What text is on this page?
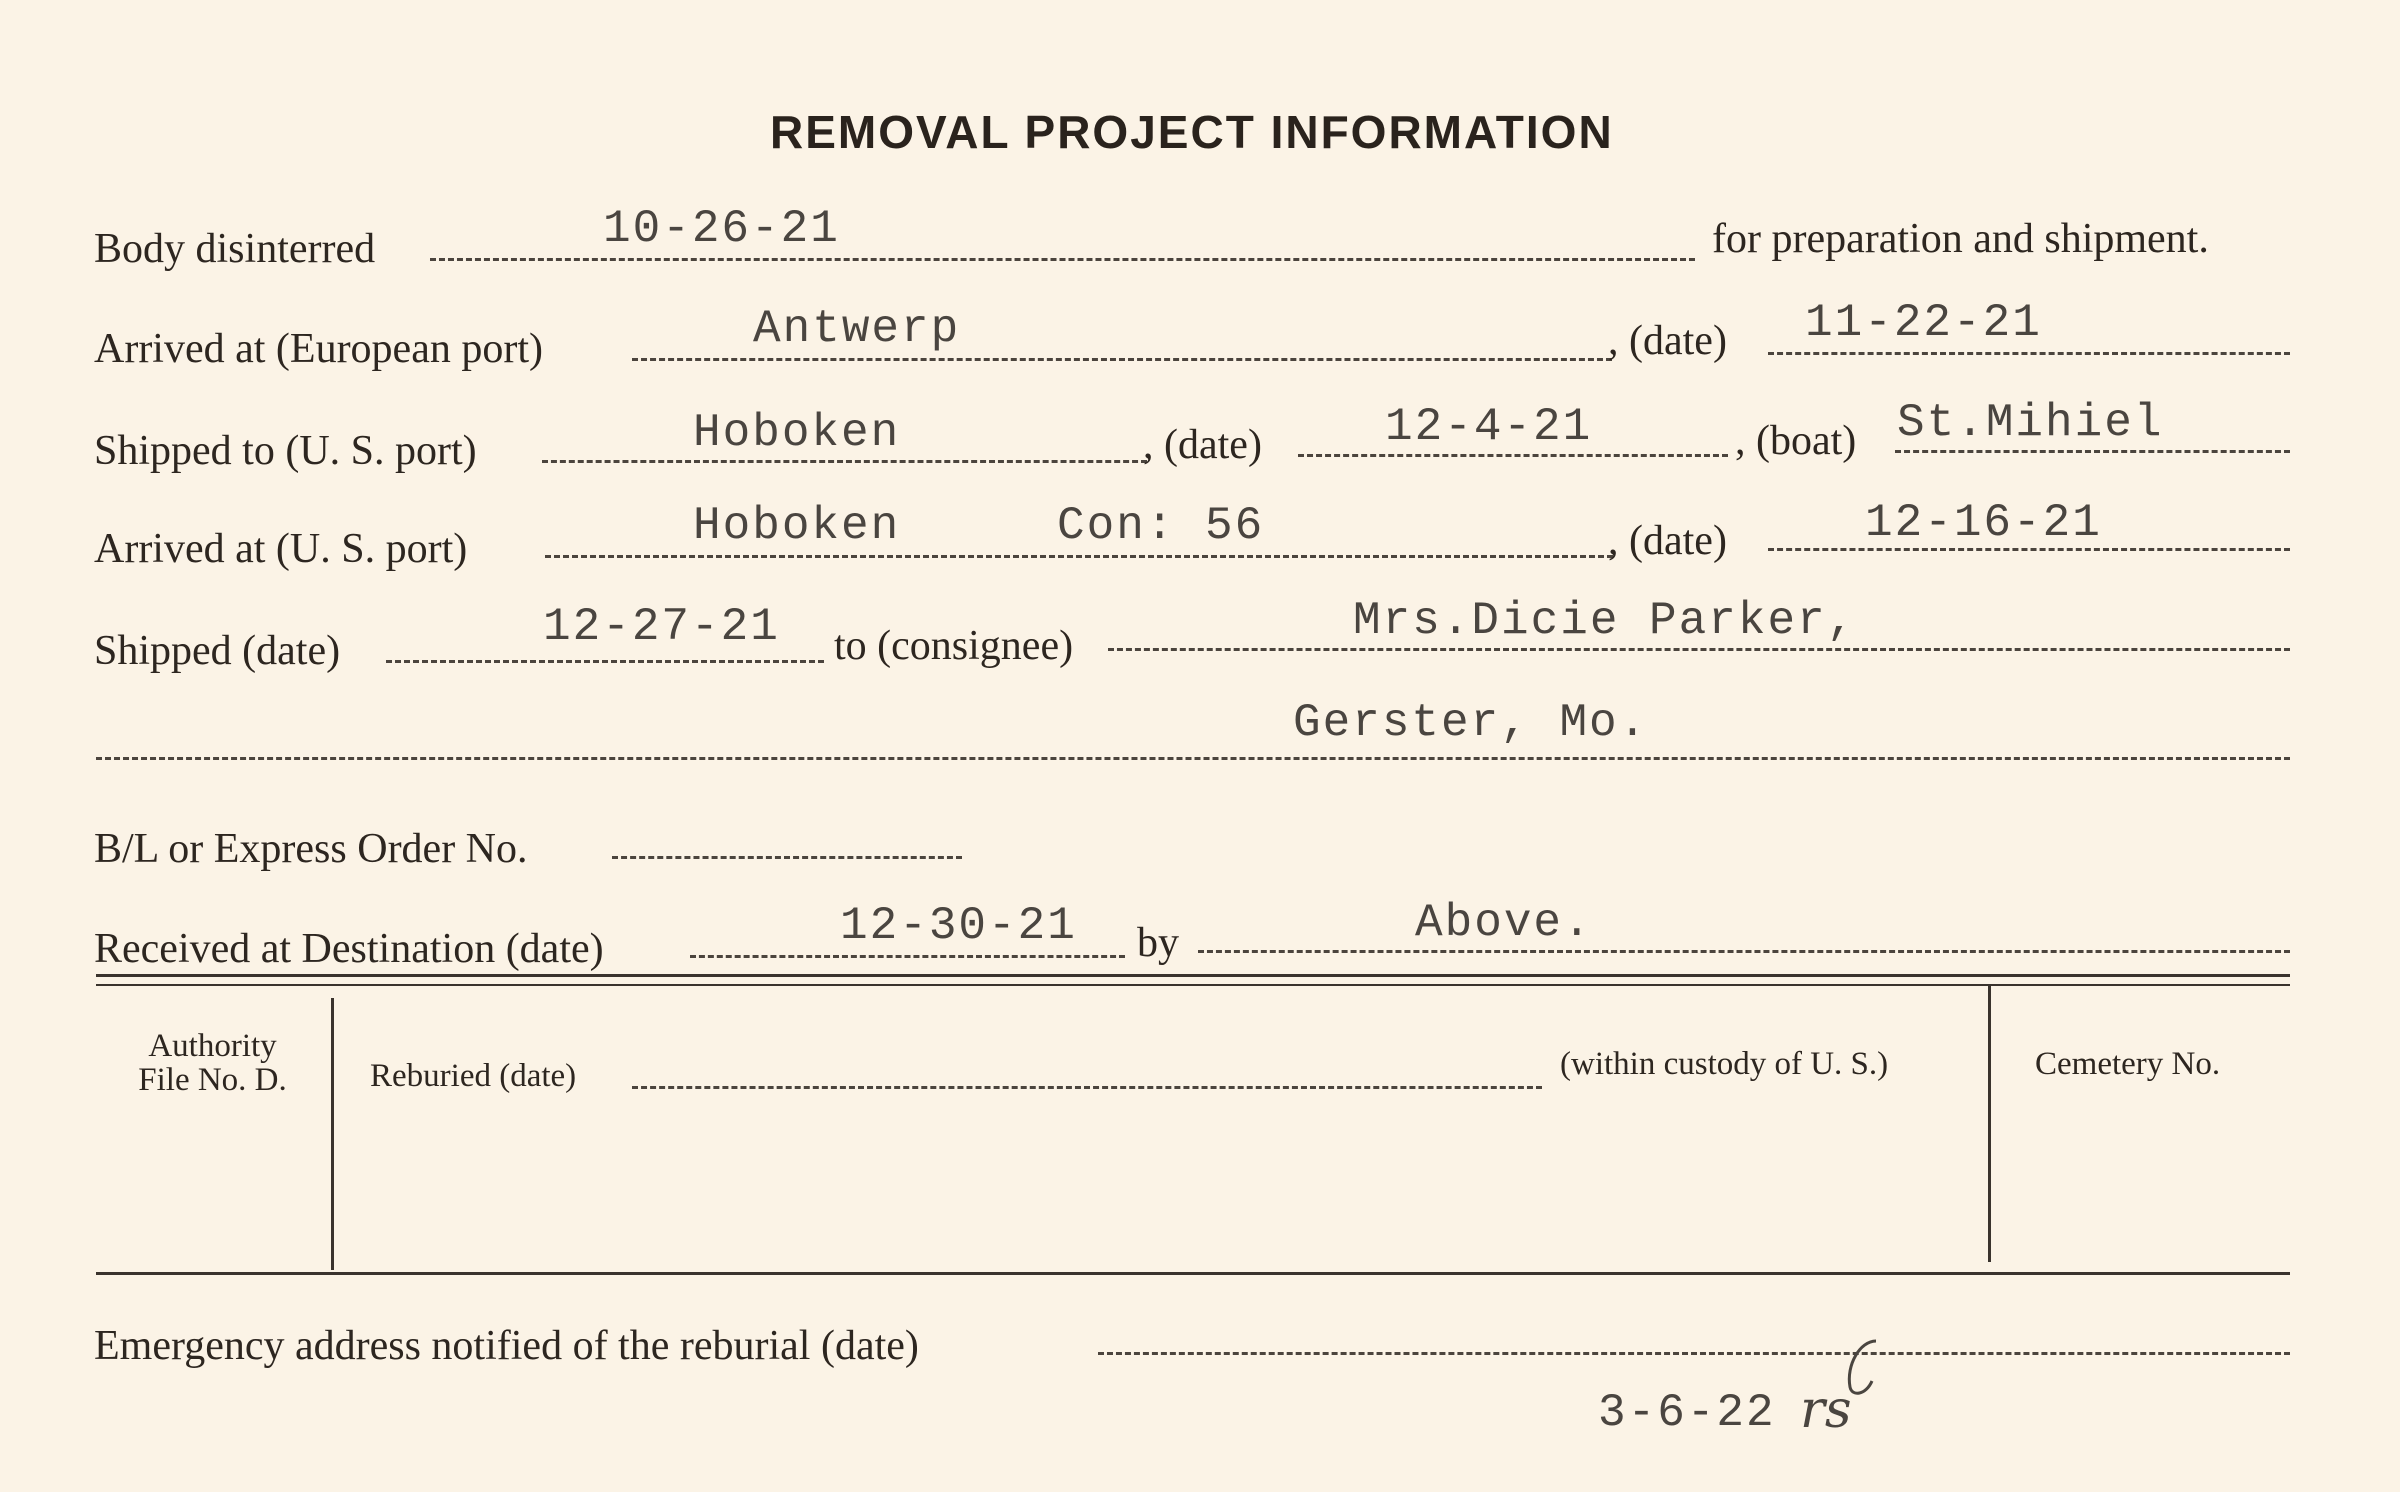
REMOVAL PROJECT INFORMATION
Body disinterred	10-26-21	for preparation and shipment.
Arrived at (European port)	Antwerp	, (date) 11-22-21
Shipped to (U. S. port)	Hoboken	, (date)	12-4-21	, (boat) St.Mihiel
Arrived at (U. S. port)	Hoboken	Con: 56	, (date)	12-16-21
Shipped (date)	12-27-21 to (consignee)	Mrs.Dicie Parker,
Gerster, Mo.
B/L or Express Order No.
Received at Destination (date)	12-30-21 by	Above.
Authority
File No. D.	Reburied (date)	(within custody of U. S.)	Cemetery No.
Emergency address notified of the reburial (date)
3-6-22 rs
